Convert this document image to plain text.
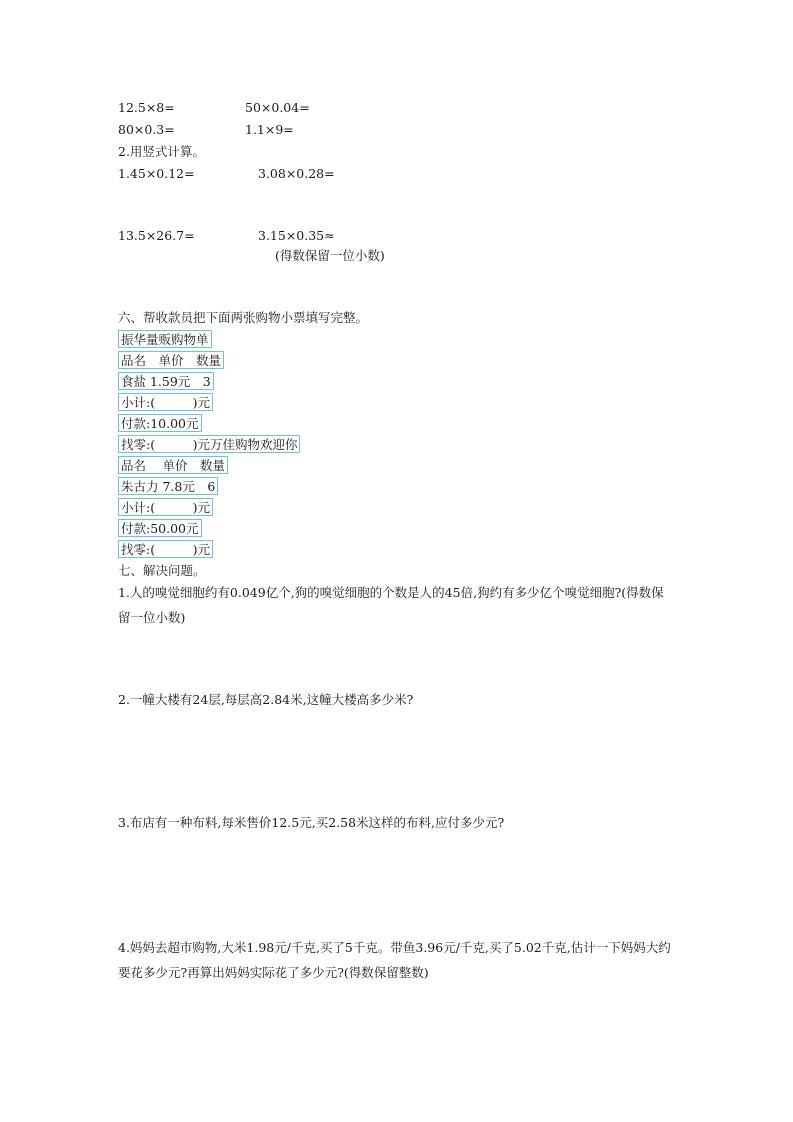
12.5×8=	50×0.04=
80×0.3=	1.1×9=
2.用竖式计算。
1.45×0.12=	3.08×0.28=
13.5×26.7=	3.15×0.35≈
(得数保留一位小数)
六、帮收款员把下面两张购物小票填写完整。
振华量贩购物单
品名　单价　数量
食盐 1.59元　3
小计:(　　　)元
付款:10.00元
找零:(　　　)元万佳购物欢迎你
品名　 单价　数量
朱古力 7.8元　6
小计:(　　　)元
付款:50.00元
找零:(　　　)元
七、解决问题。
1.人的嗅觉细胞约有0.049亿个,狗的嗅觉细胞的个数是人的45倍,狗约有多少亿个嗅觉细胞?(得数保留一位小数)
2.一幢大楼有24层,每层高2.84米,这幢大楼高多少米?
3.布店有一种布料,每米售价12.5元,买2.58米这样的布料,应付多少元?
4.妈妈去超市购物,大米1.98元/千克,买了5千克。带鱼3.96元/千克,买了5.02千克,估计一下妈妈大约要花多少元?再算出妈妈实际花了多少元?(得数保留整数)
